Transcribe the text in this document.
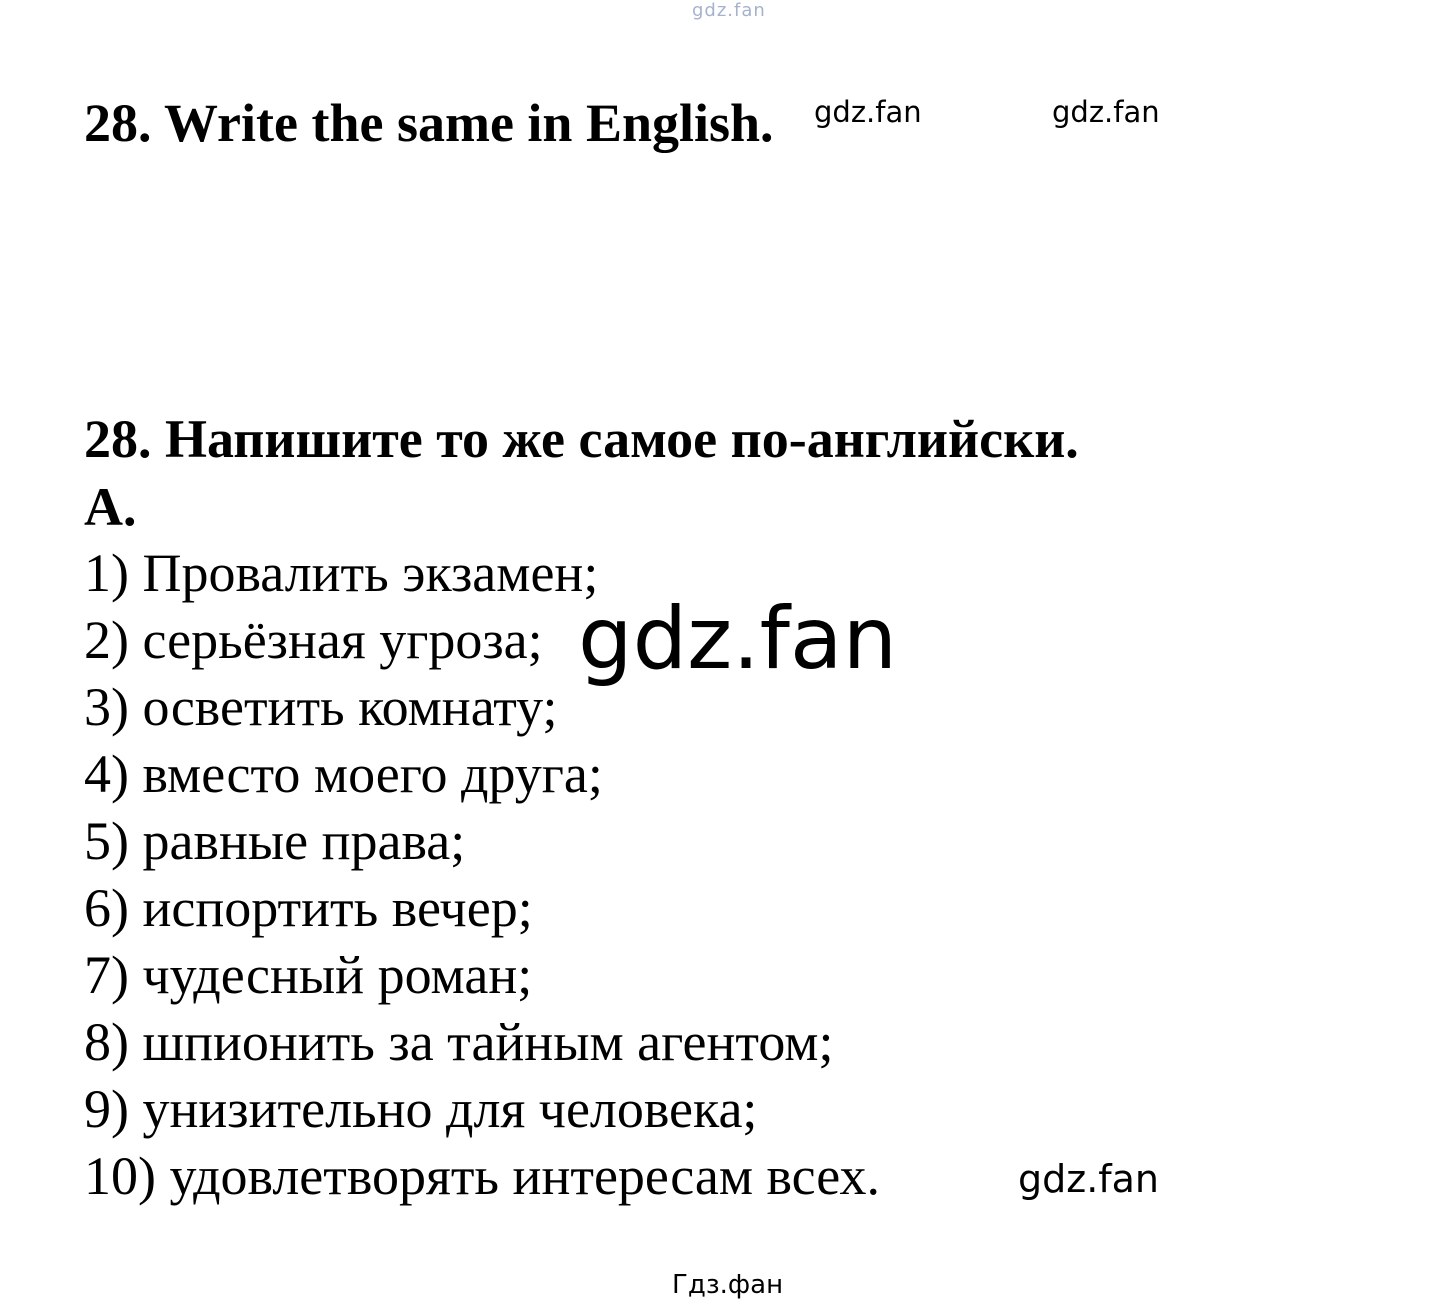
gdz.fan
28. Write the same in English. gdz.fan	gdz.fan
28. Напишите то же самое по-английски.
A.
1) Провалить экзамен;
2) серьёзная угроза;
3) осветить комнату;
4) вместо моего друга;
5) равные права;
6) испортить вечер;
7) чудесный роман;
8) шпионить за тайным агентом;
9) унизительно для человека;
10) удовлетворять интересам всех.
gdz.fan
gdz.fan
Гдз.фан
